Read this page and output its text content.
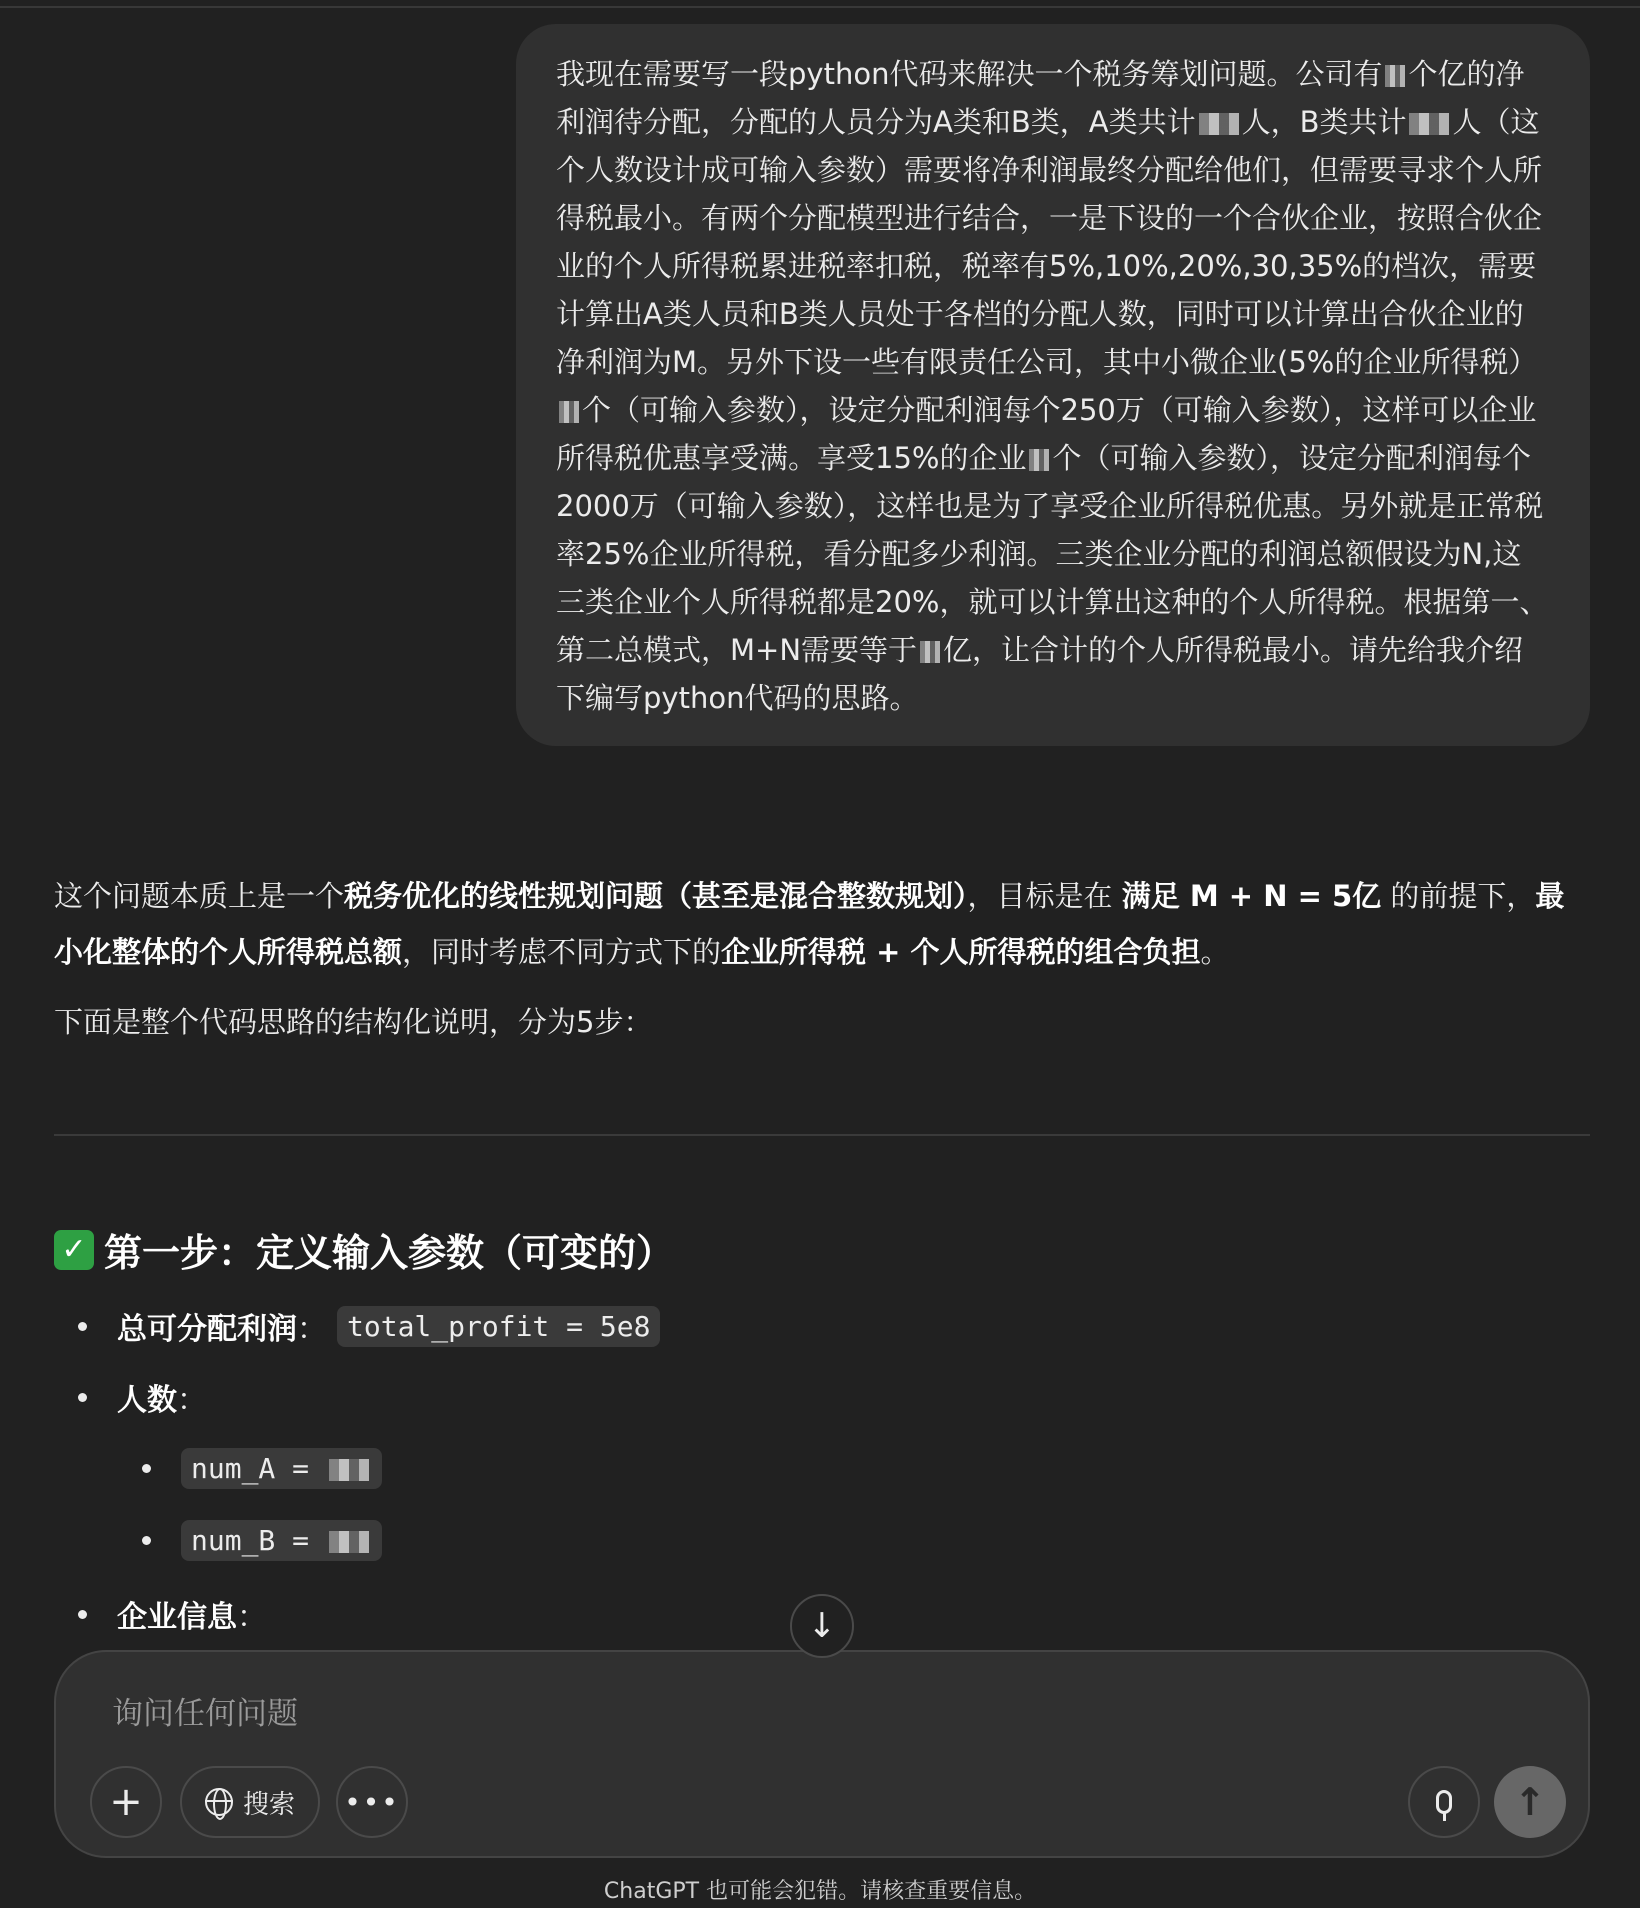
我现在需要写一段python代码来解决一个税务筹划问题。公司有 个亿的净利润待分配，分配的人员分为A类和B类，A类共计 人，B类共计 人（这个人数设计成可输入参数）需要将净利润最终分配给他们，但需要寻求个人所得税最小。有两个分配模型进行结合，一是下设的一个合伙企业，按照合伙企业的个人所得税累进税率扣税，税率有5%,10%,20%,30,35%的档次，需要计算出A类人员和B类人员处于各档的分配人数，同时可以计算出合伙企业的净利润为M。另外下设一些有限责任公司，其中小微企业(5%的企业所得税）个（可输入参数），设定分配利润每个250万（可输入参数），这样可以企业所得税优惠享受满。享受15%的企业 个（可输入参数），设定分配利润每个2000万（可输入参数），这样也是为了享受企业所得税优惠。另外就是正常税率25%企业所得税，看分配多少利润。三类企业分配的利润总额假设为N,这三类企业个人所得税都是20%，就可以计算出这种的个人所得税。根据第一、第二总模式，M+N需要等于 亿，让合计的个人所得税最小。请先给我介绍下编写python代码的思路。

这个问题本质上是一个税务优化的线性规划问题（甚至是混合整数规划），目标是在 满足 M + N = 5亿 的前提下，最小化整体的个人所得税总额，同时考虑不同方式下的企业所得税 + 个人所得税的组合负担。

下面是整个代码思路的结构化说明，分为5步：

✓ 第一步：定义输入参数（可变的）
总可分配利润 ： total_profit = 5e8
人数 ：
num_A =
num_B =
企业信息 ：
询问任何问题
+	搜索 •••	↑
↓
ChatGPT 也可能会犯错。请核查重要信息。
